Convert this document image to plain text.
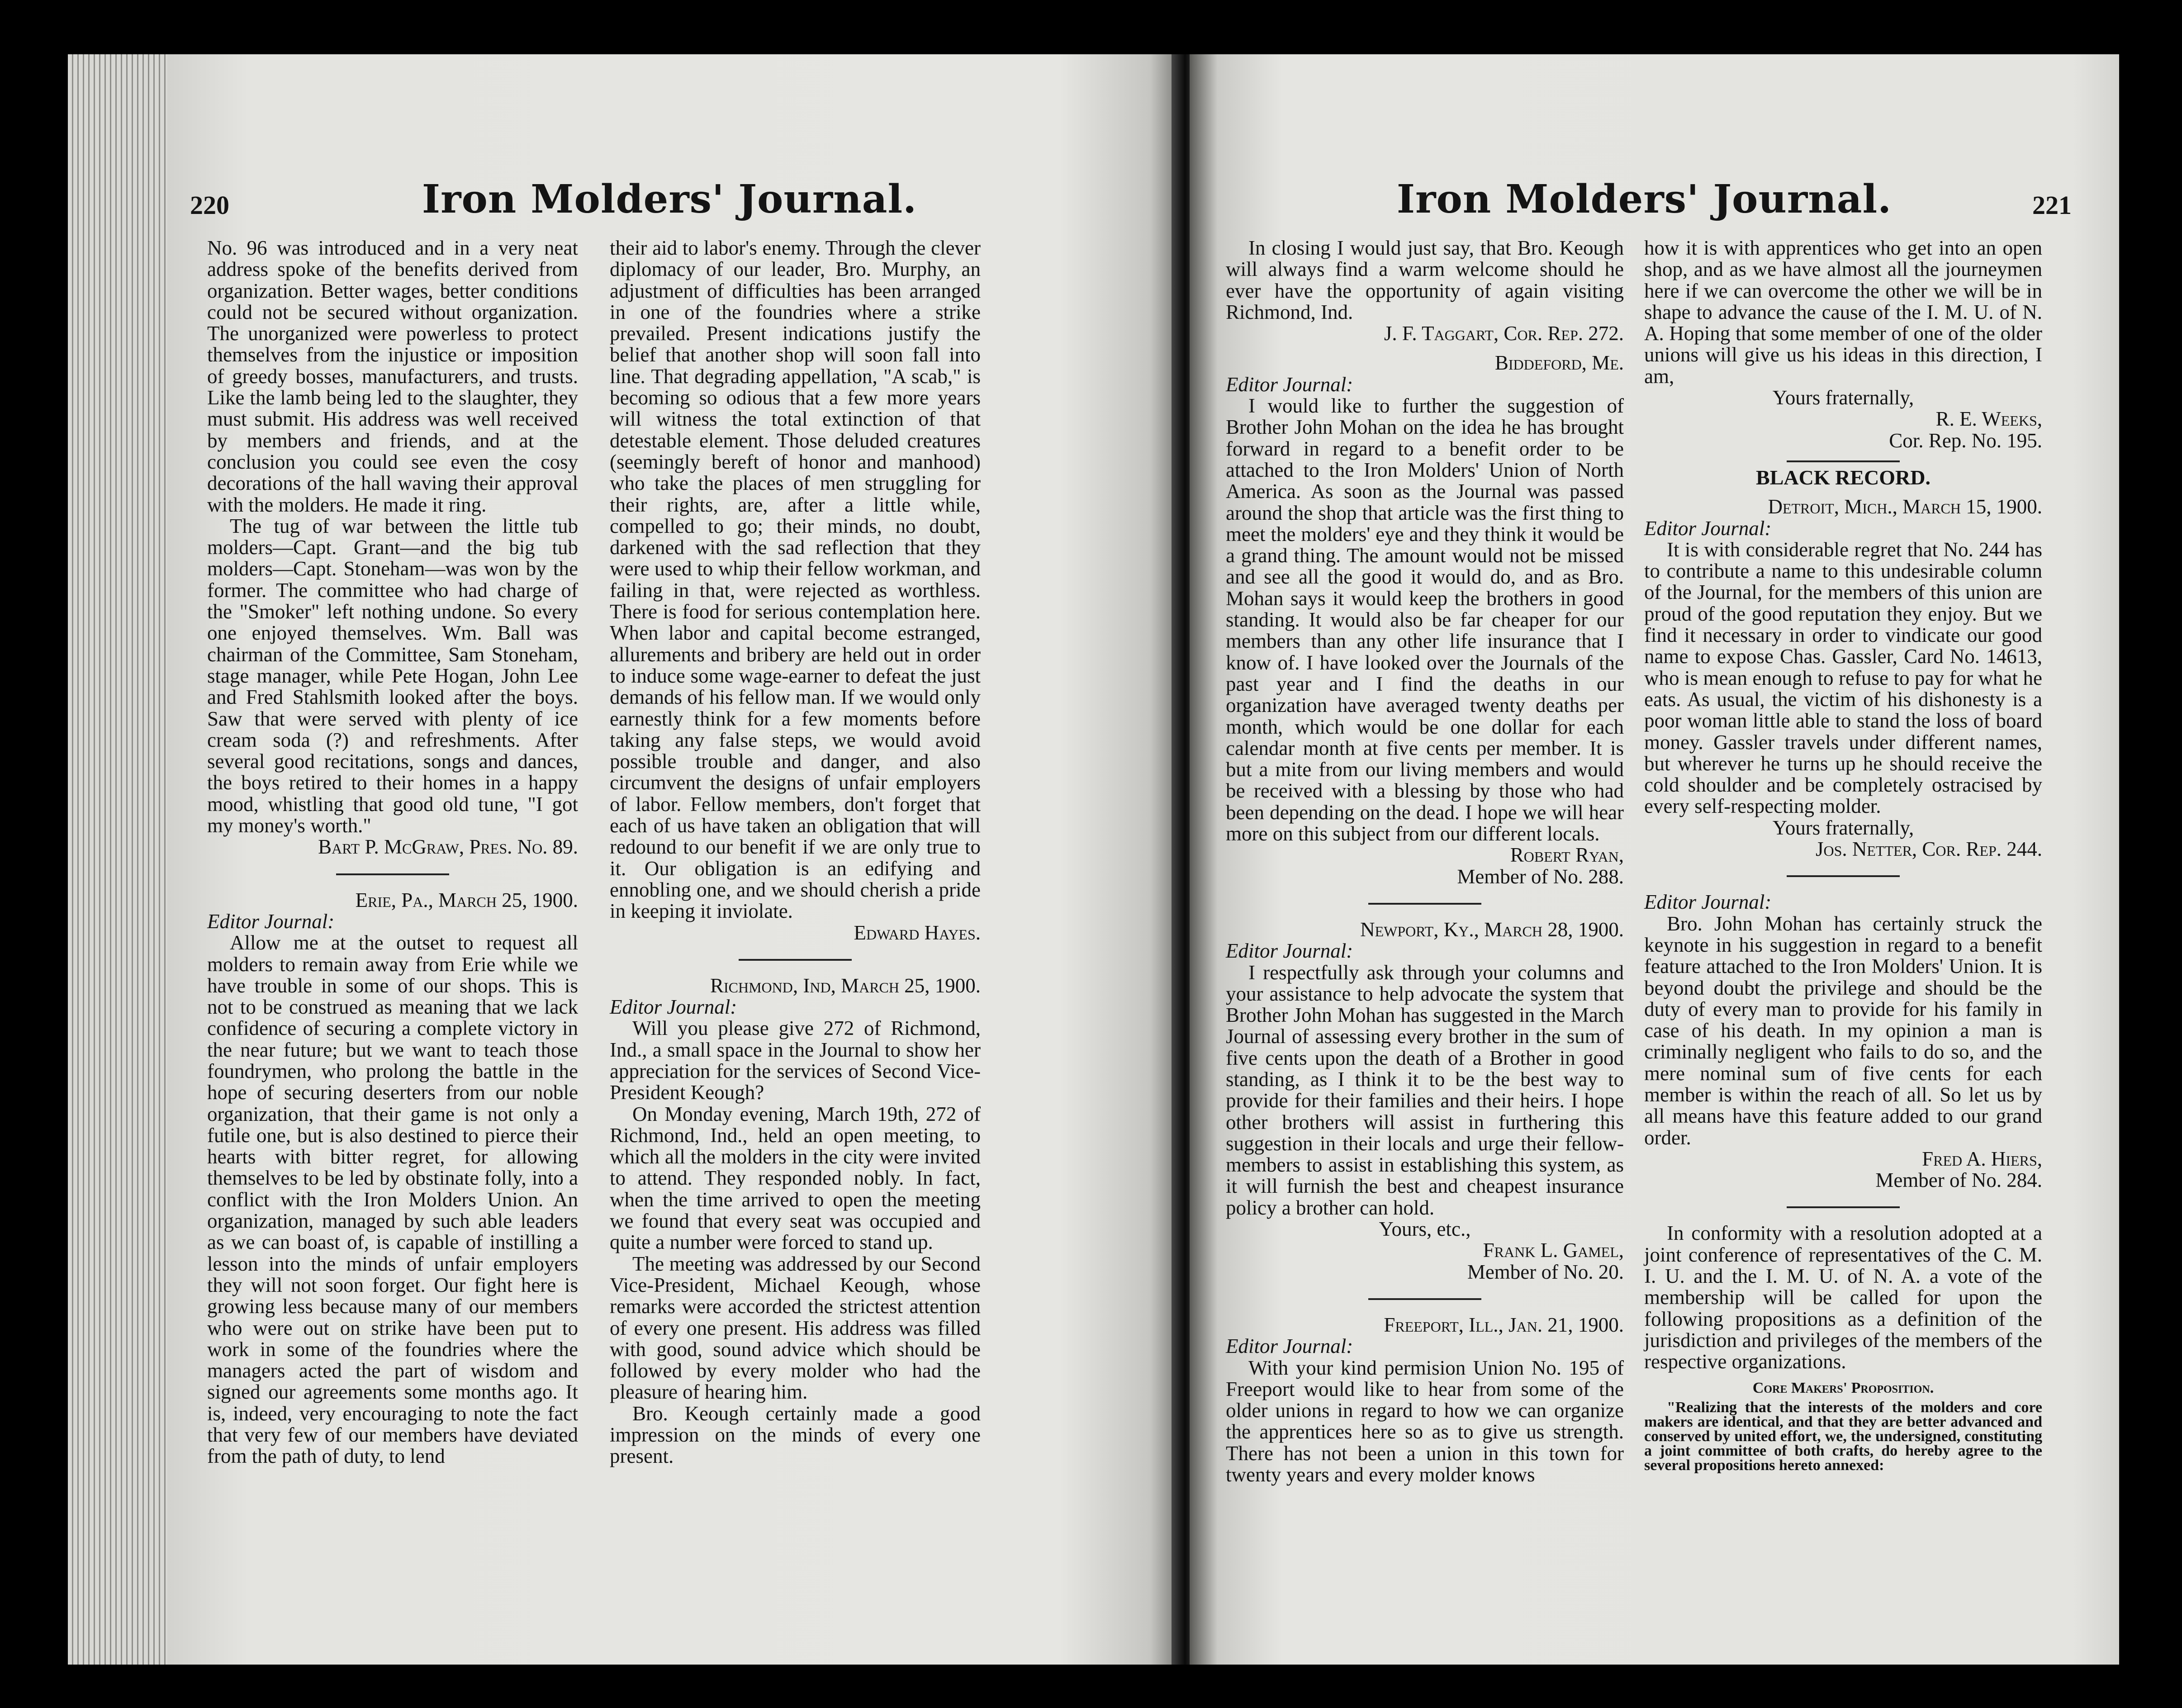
220	Iron Molders' Journal.

No. 96 was introduced and in a very neat address spoke of the benefits derived from organization. Better wages, better conditions could not be secured without organization. The unorganized were powerless to protect themselves from the injustice or imposition of greedy bosses, manufacturers, and trusts. Like the lamb being led to the slaughter, they must submit. His address was well received by members and friends, and at the conclusion you could see even the cosy decorations of the hall waving their approval with the molders. He made it ring.

The tug of war between the little tub molders—Capt. Grant—and the big tub molders—Capt. Stoneham—was won by the former. The committee who had charge of the "Smoker" left nothing undone. So every one enjoyed themselves. Wm. Ball was chairman of the Committee, Sam Stoneham, stage manager, while Pete Hogan, John Lee and Fred Stahlsmith looked after the boys. Saw that were served with plenty of ice cream soda (?) and refreshments. After several good recitations, songs and dances, the boys retired to their homes in a happy mood, whistling that good old tune, "I got my money's worth."

Bart P. McGraw, Pres. No. 89.

Erie, Pa., March 25, 1900.

Editor Journal:

Allow me at the outset to request all molders to remain away from Erie while we have trouble in some of our shops. This is not to be construed as meaning that we lack confidence of securing a complete victory in the near future; but we want to teach those foundrymen, who prolong the battle in the hope of securing deserters from our noble organization, that their game is not only a futile one, but is also destined to pierce their hearts with bitter regret, for allowing themselves to be led by obstinate folly, into a conflict with the Iron Molders Union. An organization, managed by such able leaders as we can boast of, is capable of instilling a lesson into the minds of unfair employers they will not soon forget. Our fight here is growing less because many of our members who were out on strike have been put to work in some of the foundries where the managers acted the part of wisdom and signed our agreements some months ago. It is, indeed, very encouraging to note the fact that very few of our members have deviated from the path of duty, to lend

their aid to labor's enemy. Through the clever diplomacy of our leader, Bro. Murphy, an adjustment of difficulties has been arranged in one of the foundries where a strike prevailed. Present indications justify the belief that another shop will soon fall into line. That degrading appellation, "A scab," is becoming so odious that a few more years will witness the total extinction of that detestable element. Those deluded creatures (seemingly bereft of honor and manhood) who take the places of men struggling for their rights, are, after a little while, compelled to go; their minds, no doubt, darkened with the sad reflection that they were used to whip their fellow workman, and failing in that, were rejected as worthless. There is food for serious contemplation here. When labor and capital become estranged, allurements and bribery are held out in order to induce some wage-earner to defeat the just demands of his fellow man. If we would only earnestly think for a few moments before taking any false steps, we would avoid possible trouble and danger, and also circumvent the designs of unfair employers of labor. Fellow members, don't forget that each of us have taken an obligation that will redound to our benefit if we are only true to it. Our obligation is an edifying and ennobling one, and we should cherish a pride in keeping it inviolate.

Edward Hayes.

Richmond, Ind, March 25, 1900.

Editor Journal:

Will you please give 272 of Richmond, Ind., a small space in the Journal to show her appreciation for the services of Second Vice-President Keough?

On Monday evening, March 19th, 272 of Richmond, Ind., held an open meeting, to which all the molders in the city were invited to attend. They responded nobly. In fact, when the time arrived to open the meeting we found that every seat was occupied and quite a number were forced to stand up.

The meeting was addressed by our Second Vice-President, Michael Keough, whose remarks were accorded the strictest attention of every one present. His address was filled with good, sound advice which should be followed by every molder who had the pleasure of hearing him.

Bro. Keough certainly made a good impression on the minds of every one present.

221
Iron Molders' Journal.

In closing I would just say, that Bro. Keough will always find a warm welcome should he ever have the opportunity of again visiting Richmond, Ind.

J. F. Taggart, Cor. Rep. 272.

Biddeford, Me.

Editor Journal:

I would like to further the suggestion of Brother John Mohan on the idea he has brought forward in regard to a benefit order to be attached to the Iron Molders' Union of North America. As soon as the Journal was passed around the shop that article was the first thing to meet the molders' eye and they think it would be a grand thing. The amount would not be missed and see all the good it would do, and as Bro. Mohan says it would keep the brothers in good standing. It would also be far cheaper for our members than any other life insurance that I know of. I have looked over the Journals of the past year and I find the deaths in our organization have averaged twenty deaths per month, which would be one dollar for each calendar month at five cents per member. It is but a mite from our living members and would be received with a blessing by those who had been depending on the dead. I hope we will hear more on this subject from our different locals.

Robert Ryan,

Member of No. 288.

Newport, Ky., March 28, 1900.

Editor Journal:

I respectfully ask through your columns and your assistance to help advocate the system that Brother John Mohan has suggested in the March Journal of assessing every brother in the sum of five cents upon the death of a Brother in good standing, as I think it to be the best way to provide for their families and their heirs. I hope other brothers will assist in furthering this suggestion in their locals and urge their fellow-members to assist in establishing this system, as it will furnish the best and cheapest insurance policy a brother can hold.

Yours, etc.,

Frank L. Gamel,

Member of No. 20.

Freeport, Ill., Jan. 21, 1900.

Editor Journal:

With your kind permision Union No. 195 of Freeport would like to hear from some of the older unions in regard to how we can organize the apprentices here so as to give us strength. There has not been a union in this town for twenty years and every molder knows

how it is with apprentices who get into an open shop, and as we have almost all the journeymen here if we can overcome the other we will be in shape to advance the cause of the I. M. U. of N. A. Hoping that some member of one of the older unions will give us his ideas in this direction, I am,

Yours fraternally,

R. E. Weeks,

Cor. Rep. No. 195.

BLACK RECORD.

Detroit, Mich., March 15, 1900.

Editor Journal:

It is with considerable regret that No. 244 has to contribute a name to this undesirable column of the Journal, for the members of this union are proud of the good reputation they enjoy. But we find it necessary in order to vindicate our good name to expose Chas. Gassler, Card No. 14613, who is mean enough to refuse to pay for what he eats. As usual, the victim of his dishonesty is a poor woman little able to stand the loss of board money. Gassler travels under different names, but wherever he turns up he should receive the cold shoulder and be completely ostracised by every self-respecting molder.

Yours fraternally,

Jos. Netter, Cor. Rep. 244.

Editor Journal:

Bro. John Mohan has certainly struck the keynote in his suggestion in regard to a benefit feature attached to the Iron Molders' Union. It is beyond doubt the privilege and should be the duty of every man to provide for his family in case of his death. In my opinion a man is criminally negligent who fails to do so, and the mere nominal sum of five cents for each member is within the reach of all. So let us by all means have this feature added to our grand order.

Fred A. Hiers,

Member of No. 284.

In conformity with a resolution adopted at a joint conference of representatives of the C. M. I. U. and the I. M. U. of N. A. a vote of the membership will be called for upon the following propositions as a definition of the jurisdiction and privileges of the members of the respective organizations.

Core Makers' Proposition.

"Realizing that the interests of the molders and core makers are identical, and that they are better advanced and conserved by united effort, we, the undersigned, constituting a joint committee of both crafts, do hereby agree to the several propositions hereto annexed:
